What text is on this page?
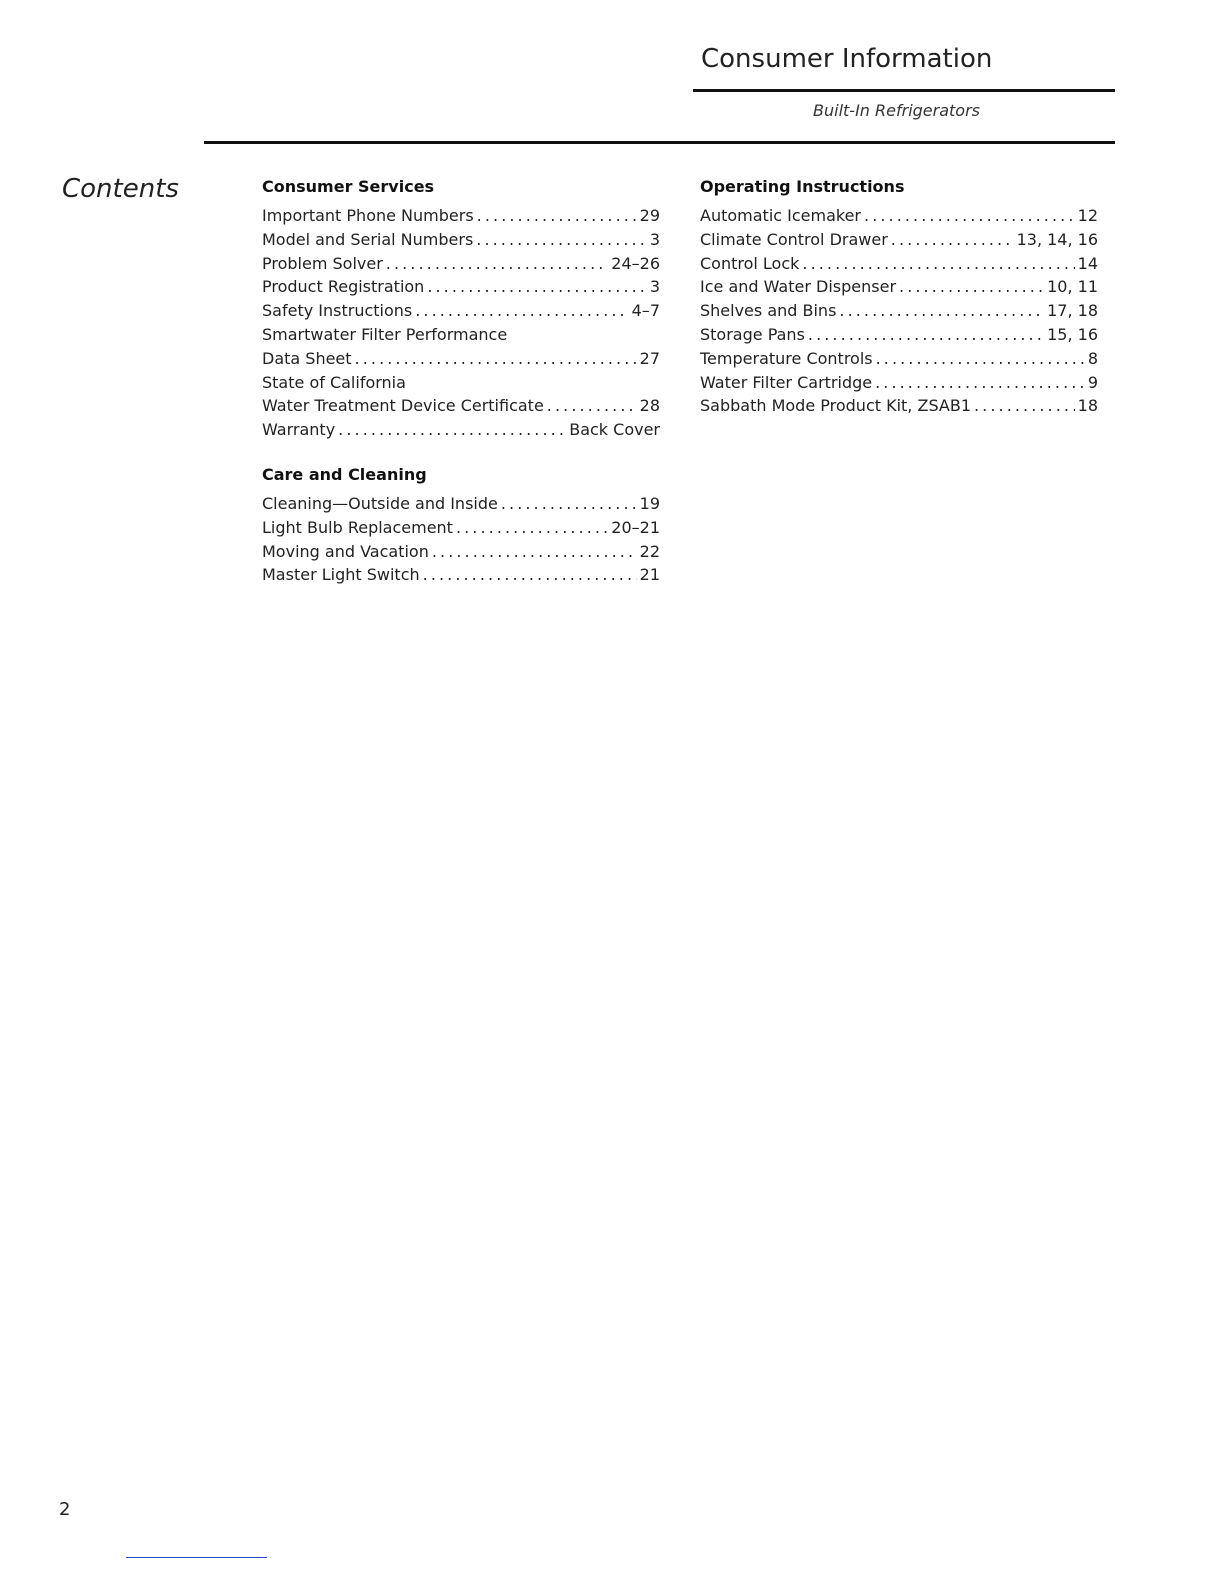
Consumer Information
Built-In Refrigerators
Contents	Consumer Services
Important Phone Numbers . . .	29
Model and Serial Numbers . . .	3
Problem Solver . . .	24–26
Product Registration . . .	3
Safety Instructions . . .	4–7
Smartwater Filter Performance
Data Sheet . . .	27
State of California
Water Treatment Device Certificate . . .	28
Warranty . . .	Back Cover
Care and Cleaning
Cleaning—Outside and Inside . . .	19
Light Bulb Replacement . . .	20–21
Moving and Vacation . . .	22
Master Light Switch . . .	21
Operating Instructions
Automatic Icemaker . . .	12
Climate Control Drawer . . .	13, 14, 16
Control Lock . . .	14
Ice and Water Dispenser . . .	10, 11
Shelves and Bins . . .	17, 18
Storage Pans . . .	15, 16
Temperature Controls . . .	8
Water Filter Cartridge . . .	9
Sabbath Mode Product Kit, ZSAB1 . . .	18
2
